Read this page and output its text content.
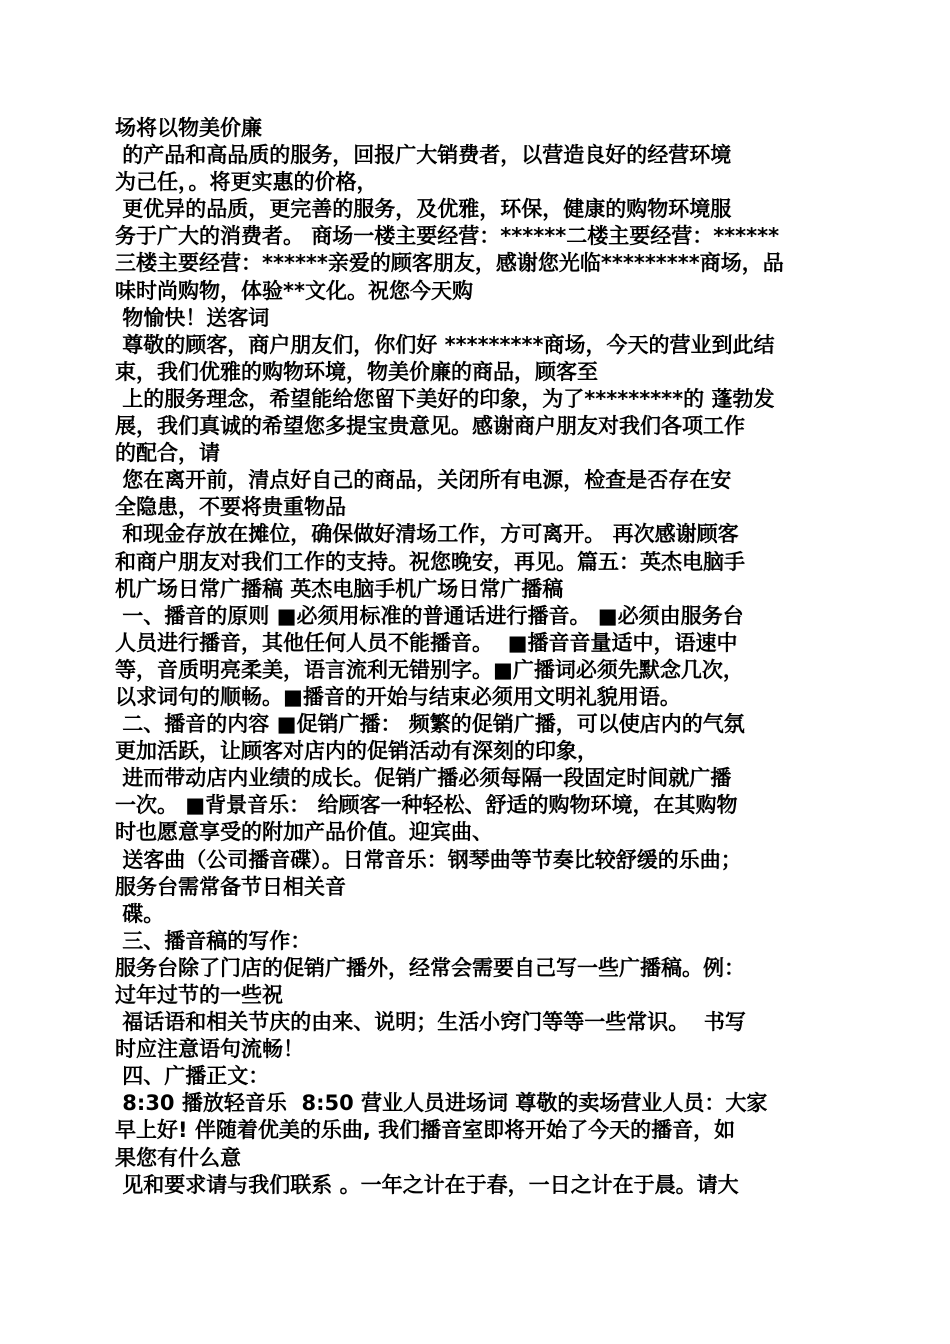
场将以物美价廉
的产品和高品质的服务，回报广大销费者，以营造良好的经营环境
为己任，。将更实惠的价格，
更优异的品质，更完善的服务，及优雅，环保，健康的购物环境服
务于广大的消费者。 商场一楼主要经营：******二楼主要经营：******
三楼主要经营：******亲爱的顾客朋友，感谢您光临*********商场，品
味时尚购物，体验**文化。祝您今天购
物愉快！送客词
尊敬的顾客，商户朋友们，你们好 *********商场，今天的营业到此结
束，我们优雅的购物环境，物美价廉的商品，顾客至
上的服务理念，希望能给您留下美好的印象，为了*********的 蓬勃发
展，我们真诚的希望您多提宝贵意见。感谢商户朋友对我们各项工作
的配合，请
您在离开前，清点好自己的商品，关闭所有电源，检查是否存在安
全隐患，不要将贵重物品
和现金存放在摊位，确保做好清场工作，方可离开。 再次感谢顾客
和商户朋友对我们工作的支持。祝您晚安，再见。篇五：英杰电脑手
机广场日常广播稿 英杰电脑手机广场日常广播稿
一、播音的原则 ■必须用标准的普通话进行播音。 ■必须由服务台
人员进行播音，其他任何人员不能播音。  ■播音音量适中，语速中
等，音质明亮柔美，语言流利无错别字。■广播词必须先默念几次，
以求词句的顺畅。■播音的开始与结束必须用文明礼貌用语。
二、播音的内容 ■促销广播： 频繁的促销广播，可以使店内的气氛
更加活跃，让顾客对店内的促销活动有深刻的印象，
进而带动店内业绩的成长。促销广播必须每隔一段固定时间就广播
一次。 ■背景音乐： 给顾客一种轻松、舒适的购物环境，在其购物
时也愿意享受的附加产品价值。迎宾曲、
送客曲（公司播音碟）。日常音乐：钢琴曲等节奏比较舒缓的乐曲；
服务台需常备节日相关音
碟。
三、播音稿的写作：
服务台除了门店的促销广播外，经常会需要自己写一些广播稿。例：
过年过节的一些祝
福话语和相关节庆的由来、说明；生活小窍门等等一些常识。  书写
时应注意语句流畅！
四、广播正文：
8:30 播放轻音乐  8:50 营业人员进场词 尊敬的卖场营业人员：大家
早上好! 伴随着优美的乐曲, 我们播音室即将开始了今天的播音，如
果您有什么意
见和要求请与我们联系 。一年之计在于春，一日之计在于晨。请大
